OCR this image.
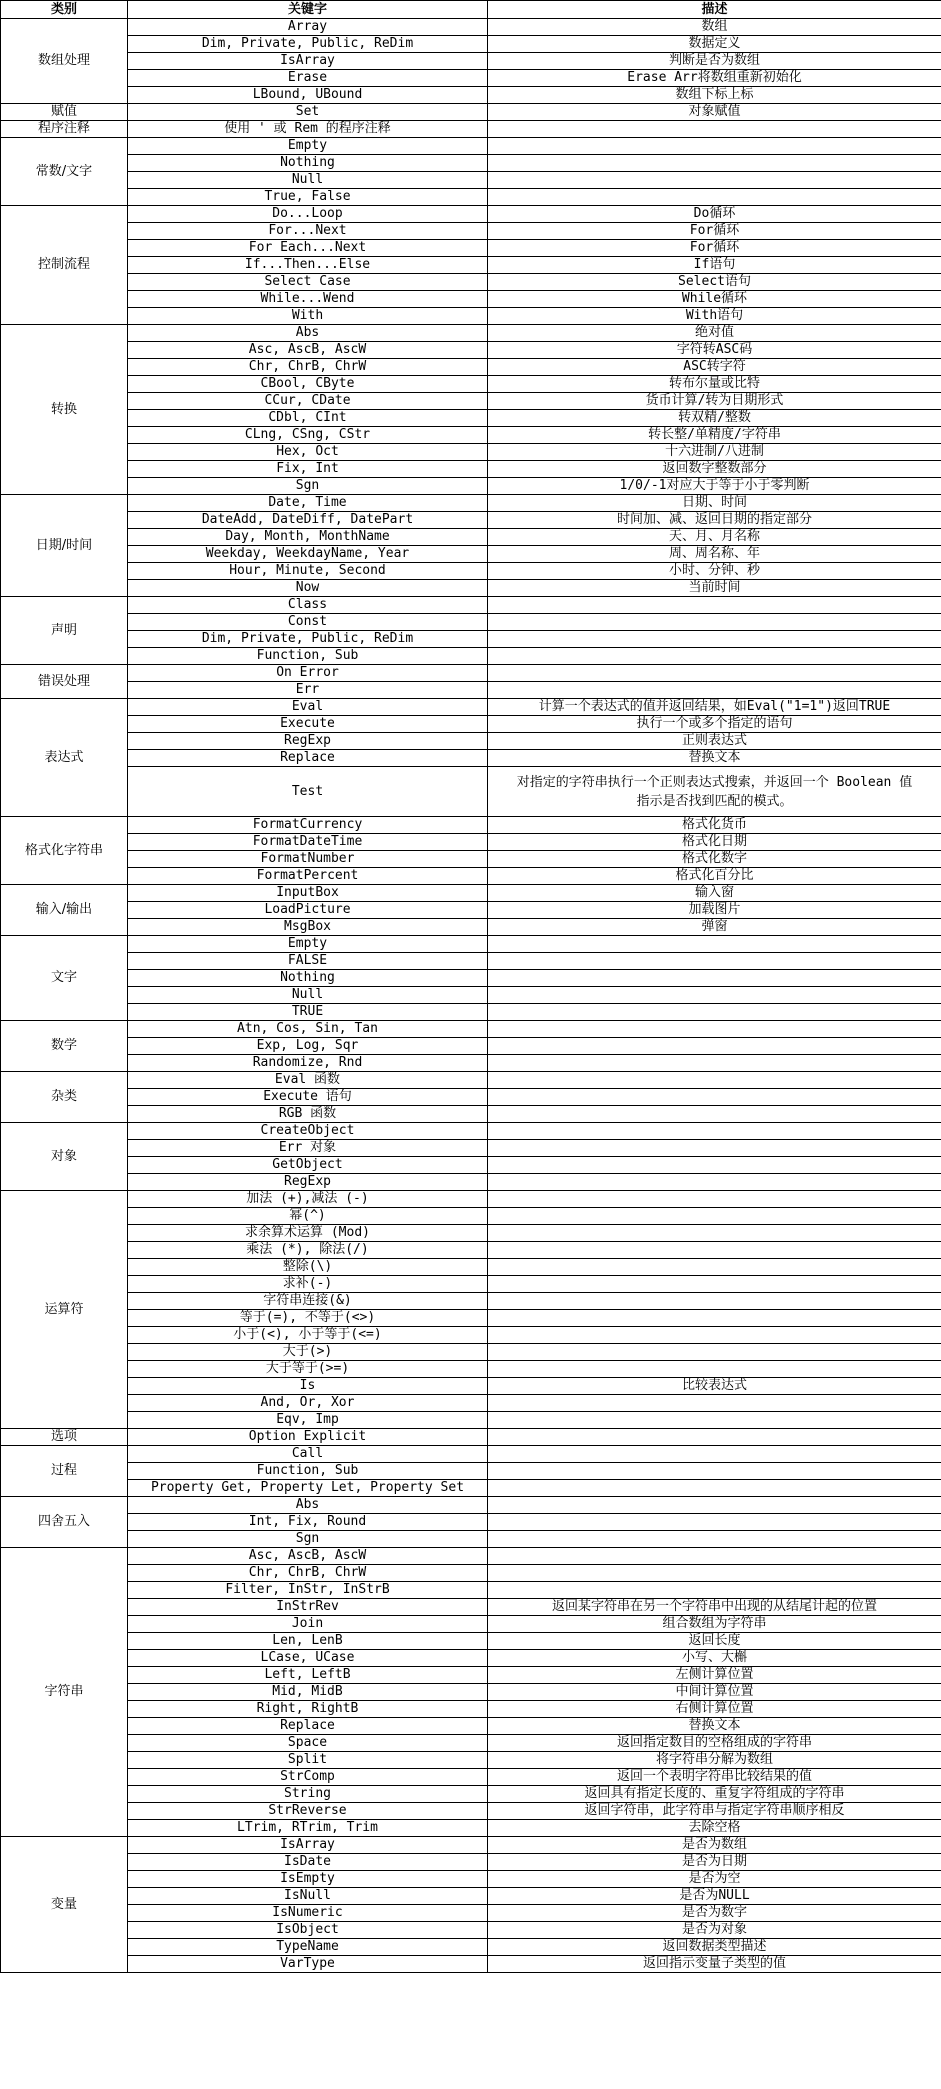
类别	关键字	描述
数组处理	Array	数组
	Dim, Private, Public, ReDim	数据定义
	IsArray	判断是否为数组
	Erase	Erase Arr将数组重新初始化
	LBound, UBound	数组下标上标
赋值	Set	对象赋值
程序注释	使用 ' 或 Rem 的程序注释	
常数/文字	Empty	
	Nothing	
	Null	
	True, False	
控制流程	Do...Loop	Do循环
	For...Next	For循环
	For Each...Next	For循环
	If...Then...Else	If语句
	Select Case	Select语句
	While...Wend	While循环
	With	With语句
转换	Abs	绝对值
	Asc, AscB, AscW	字符转ASC码
	Chr, ChrB, ChrW	ASC转字符
	CBool, CByte	转布尔量或比特
	CCur, CDate	货币计算/转为日期形式
	CDbl, CInt	转双精/整数
	CLng, CSng, CStr	转长整/单精度/字符串
	Hex, Oct	十六进制/八进制
	Fix, Int	返回数字整数部分
	Sgn	1/0/-1对应大于等于小于零判断
日期/时间	Date, Time	日期、时间
	DateAdd, DateDiff, DatePart	时间加、减、返回日期的指定部分
	Day, Month, MonthName	天、月、月名称
	Weekday, WeekdayName, Year	周、周名称、年
	Hour, Minute, Second	小时、分钟、秒
	Now	当前时间
声明	Class	
	Const	
	Dim, Private, Public, ReDim	
	Function, Sub	
错误处理	On Error	
	Err	
表达式	Eval	计算一个表达式的值并返回结果，如Eval("1=1")返回TRUE
	Execute	执行一个或多个指定的语句
	RegExp	正则表达式
	Replace	替换文本
	Test	对指定的字符串执行一个正则表达式搜索，并返回一个 Boolean 值
指示是否找到匹配的模式。

格式化字符串	FormatCurrency	格式化货币
	FormatDateTime	格式化日期
	FormatNumber	格式化数字
	FormatPercent	格式化百分比
输入/输出	InputBox	输入窗
	LoadPicture	加载图片
	MsgBox	弹窗
文字	Empty	
	FALSE	
	Nothing	
	Null	
	TRUE	
数学	Atn, Cos, Sin, Tan	
	Exp, Log, Sqr	
	Randomize, Rnd	
杂类	Eval 函数	
	Execute 语句	
	RGB 函数	
对象	CreateObject	
	Err 对象	
	GetObject	
	RegExp	
运算符	加法 (+),减法 (-)	
	幂(^)	
	求余算术运算 (Mod)	
	乘法 (*), 除法(/)	
	整除(\)	
	求补(-)	
	字符串连接(&)	
	等于(=), 不等于(<>)	
	小于(<), 小于等于(<=)	
	大于(>)	
	大于等于(>=)	
	Is	比较表达式
	And, Or, Xor	
	Eqv, Imp	
选项	Option Explicit	
过程	Call	
	Function, Sub	
	Property Get, Property Let, Property Set	
四舍五入	Abs	
	Int, Fix, Round	
	Sgn	
字符串	Asc, AscB, AscW	
	Chr, ChrB, ChrW	
	Filter, InStr, InStrB	
	InStrRev	返回某字符串在另一个字符串中出现的从结尾计起的位置
	Join	组合数组为字符串
	Len, LenB	返回长度
	LCase, UCase	小写、大槲
	Left, LeftB	左侧计算位置
	Mid, MidB	中间计算位置
	Right, RightB	右侧计算位置
	Replace	替换文本
	Space	返回指定数目的空格组成的字符串
	Split	将字符串分解为数组
	StrComp	返回一个表明字符串比较结果的值
	String	返回具有指定长度的、重复字符组成的字符串
	StrReverse	返回字符串，此字符串与指定字符串顺序相反
	LTrim, RTrim, Trim	去除空格
变量	IsArray	是否为数组
	IsDate	是否为日期
	IsEmpty	是否为空
	IsNull	是否为NULL
	IsNumeric	是否为数字
	IsObject	是否为对象
	TypeName	返回数据类型描述
	VarType	返回指示变量子类型的值
